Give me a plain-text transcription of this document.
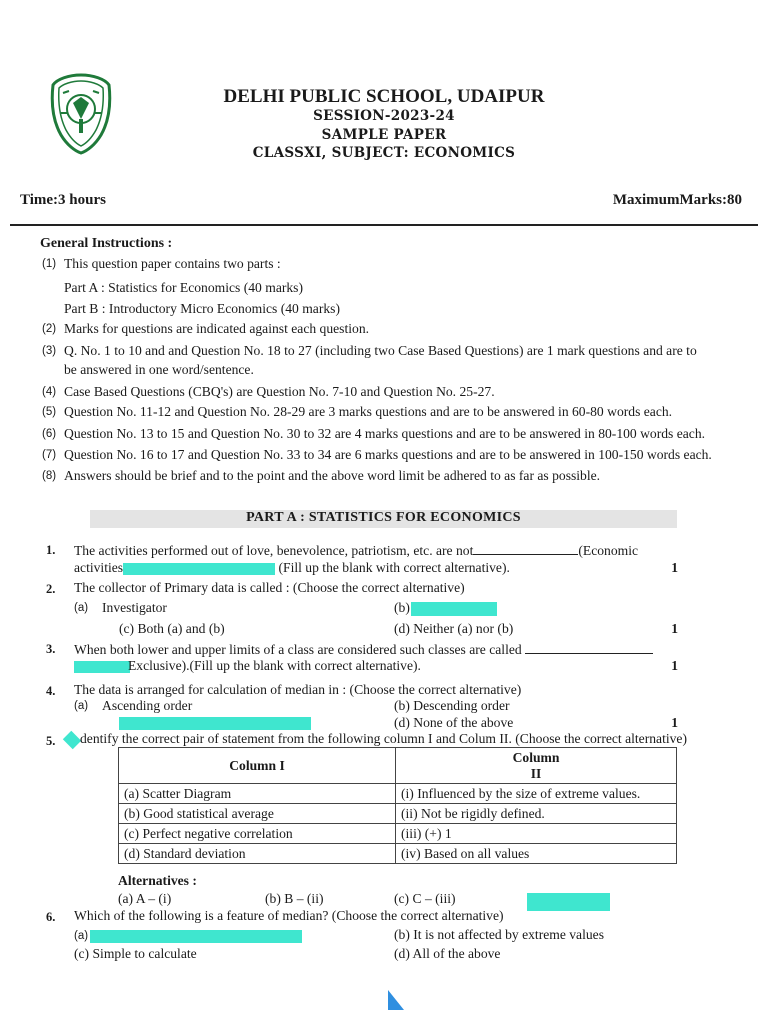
DELHI PUBLIC SCHOOL, UDAIPUR
SESSION-2023-24
SAMPLE PAPER
CLASSXI, SUBJECT: ECONOMICS
Time:3 hours	MaximumMarks:80
General Instructions :
(1) This question paper contains two parts :
Part A : Statistics for Economics (40 marks)
Part B : Introductory Micro Economics (40 marks)
(2) Marks for questions are indicated against each question.
(3) Q. No. 1 to 10 and and Question No. 18 to 27 (including two Case Based Questions) are 1 mark questions and are to
be answered in one word/sentence.
(4) Case Based Questions (CBQ's) are Question No. 7-10 and Question No. 25-27.
(5) Question No. 11-12 and Question No. 28-29 are 3 marks questions and are to be answered in 60-80 words each.
(6) Question No. 13 to 15 and Question No. 30 to 32 are 4 marks questions and are to be answered in 80-100 words each.
(7) Question No. 16 to 17 and Question No. 33 to 34 are 6 marks questions and are to be answered in 100-150 words each.
(8) Answers should be brief and to the point and the above word limit be adhered to as far as possible.
PART A : STATISTICS FOR ECONOMICS
1. The activities performed out of love, benevolence, patriotism, etc. are not	(Economic
activities	(Fill up the blank with correct alternative).	1
2. The collector of Primary data is called : (Choose the correct alternative)
(a) Investigator	(b)
(c) Both (a) and (b)	(d) Neither (a) nor (b)	1
3. When both lower and upper limits of a class are considered such classes are called
Exclusive).(Fill up the blank with correct alternative).	1
4. The data is arranged for calculation of median in : (Choose the correct alternative)
(a) Ascending order	(b) Descending order
(d) None of the above	1
5. dentify the correct pair of statement from the following column I and Colum II. (Choose the correct alternative)
Column I	Column
II

(a) Scatter Diagram	(i) Influenced by the size of extreme values.
(b) Good statistical average	(ii) Not be rigidly defined.
(c) Perfect negative correlation	(iii) (+) 1
(d) Standard deviation	(iv) Based on all values
Alternatives :
(a) A – (i)	(b) B – (ii)	(c) C – (iii)
6. Which of the following is a feature of median? (Choose the correct alternative)
(a)	(b) It is not affected by extreme values
(c) Simple to calculate	(d) All of the above
